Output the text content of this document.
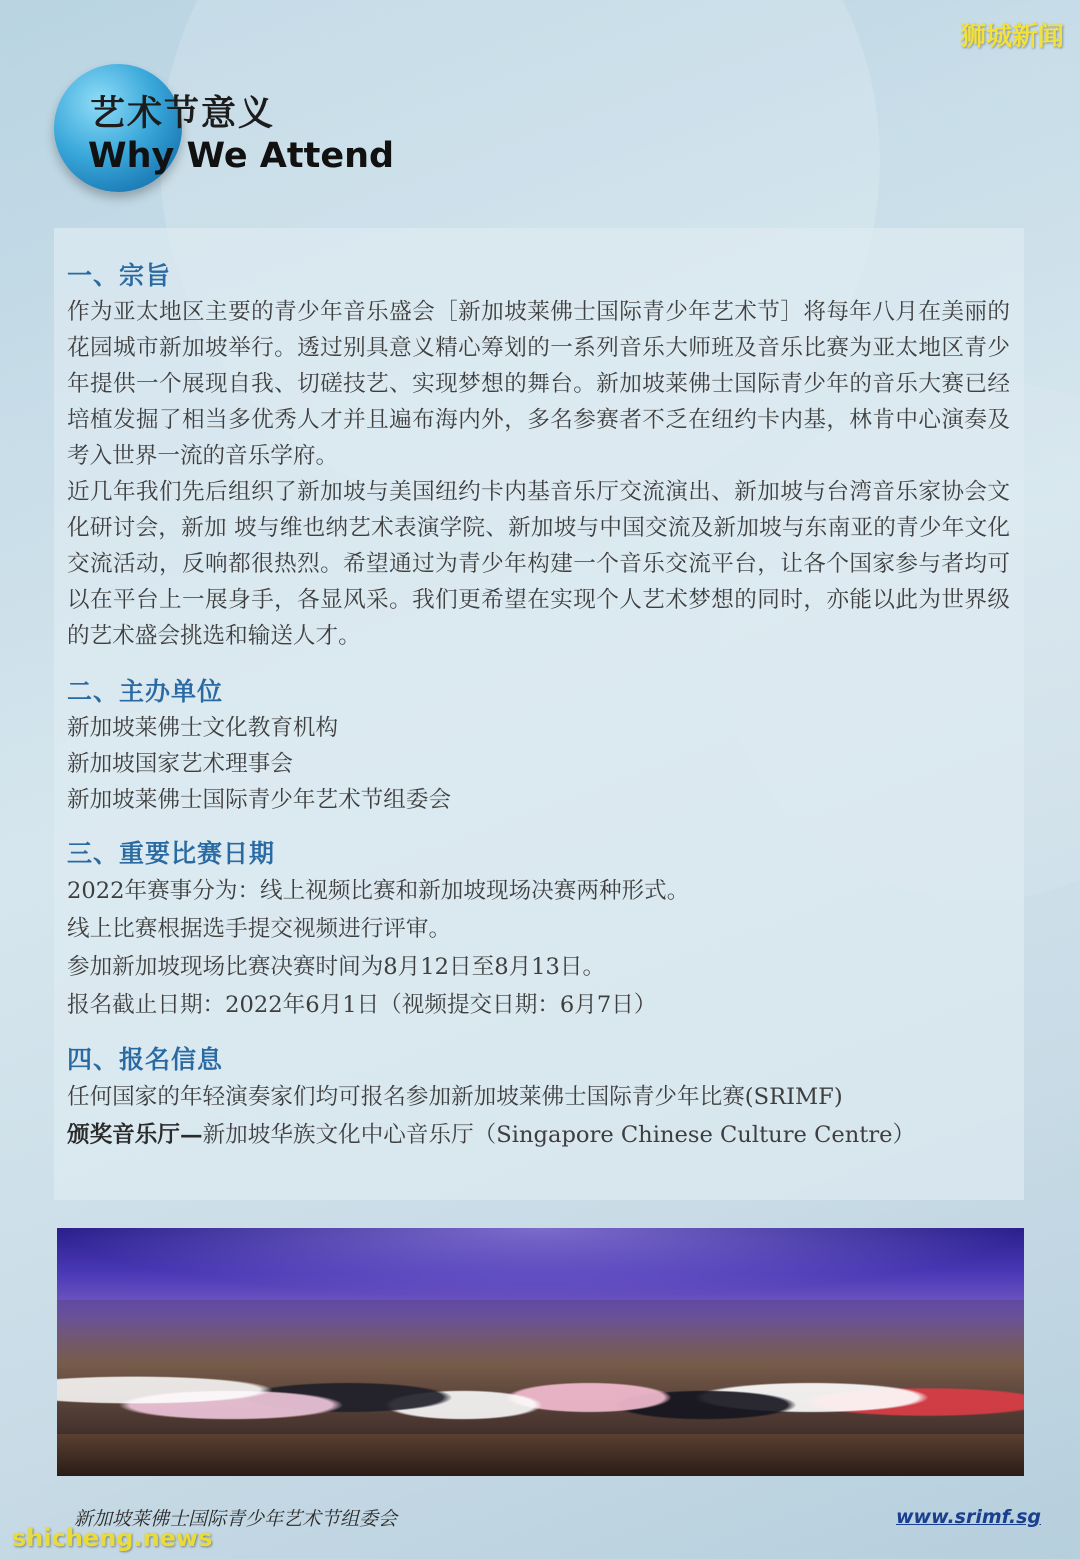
狮城新闻
艺术节意义
Why We Attend
一、宗旨

作为亚太地区主要的青少年音乐盛会［新加坡莱佛士国际青少年艺术节］将每年八月在美丽的花园城市新加坡举行。透过别具意义精心筹划的一系列音乐大师班及音乐比赛为亚太地区青少年提供一个展现自我、切磋技艺、实现梦想的舞台。新加坡莱佛士国际青少年的音乐大赛已经培植发掘了相当多优秀人才并且遍布海内外，多名参赛者不乏在纽约卡内基，林肯中心演奏及考入世界一流的音乐学府。

近几年我们先后组织了新加坡与美国纽约卡内基音乐厅交流演出、新加坡与台湾音乐家协会文化研讨会，新加 坡与维也纳艺术表演学院、新加坡与中国交流及新加坡与东南亚的青少年文化交流活动，反响都很热烈。希望通过为青少年构建一个音乐交流平台，让各个国家参与者均可以在平台上一展身手，各显风采。我们更希望在实现个人艺术梦想的同时，亦能以此为世界级的艺术盛会挑选和输送人才。

二、主办单位

新加坡莱佛士文化教育机构

新加坡国家艺术理事会

新加坡莱佛士国际青少年艺术节组委会

三、重要比赛日期

2022年赛事分为：线上视频比赛和新加坡现场决赛两种形式。

线上比赛根据选手提交视频进行评审。

参加新加坡现场比赛决赛时间为8月12日至8月13日。

报名截止日期：2022年6月1日（视频提交日期：6月7日）

四、报名信息

任何国家的年轻演奏家们均可报名参加新加坡莱佛士国际青少年比赛(SRIMF)

颁奖音乐厅—新加坡华族文化中心音乐厅（Singapore Chinese Culture Centre）

新加坡莱佛士国际青少年艺术节组委会	www.srimf.sg
shicheng.news
